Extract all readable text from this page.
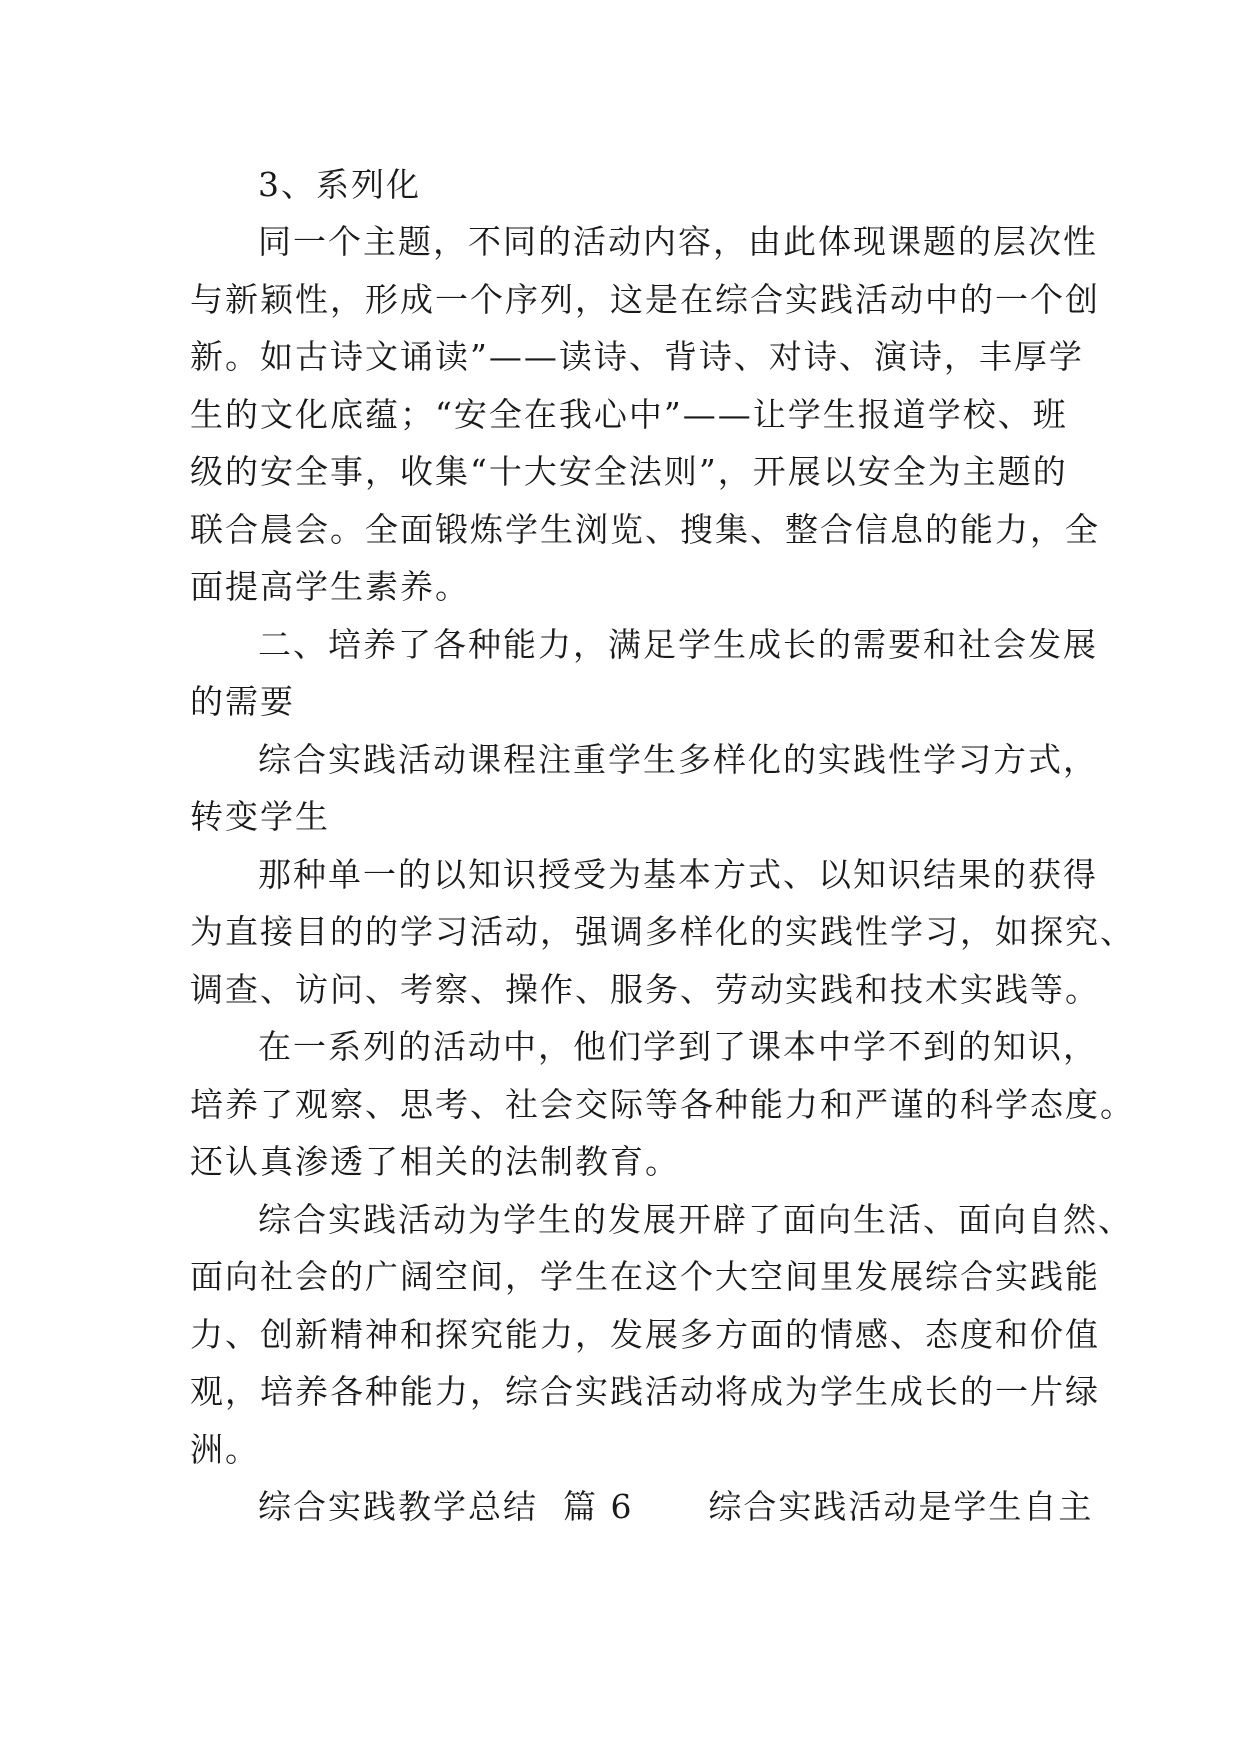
3、系列化
同一个主题，不同的活动内容，由此体现课题的层次性
与新颖性，形成一个序列，这是在综合实践活动中的一个创
新。如古诗文诵读”——读诗、背诗、对诗、演诗，丰厚学
生的文化底蕴；“安全在我心中”——让学生报道学校、班
级的安全事，收集“十大安全法则”，开展以安全为主题的
联合晨会。全面锻炼学生浏览、搜集、整合信息的能力，全
面提高学生素养。
二、培养了各种能力，满足学生成长的需要和社会发展
的需要
综合实践活动课程注重学生多样化的实践性学习方式，
转变学生
那种单一的以知识授受为基本方式、以知识结果的获得
为直接目的的学习活动，强调多样化的实践性学习，如探究、
调查、访问、考察、操作、服务、劳动实践和技术实践等。
在一系列的活动中，他们学到了课本中学不到的知识，
培养了观察、思考、社会交际等各种能力和严谨的科学态度。
还认真渗透了相关的法制教育。
综合实践活动为学生的发展开辟了面向生活、面向自然、
面向社会的广阔空间，学生在这个大空间里发展综合实践能
力、创新精神和探究能力，发展多方面的情感、态度和价值
观，培养各种能力，综合实践活动将成为学生成长的一片绿
洲。
综合实践教学总结  篇 6      综合实践活动是学生自主
